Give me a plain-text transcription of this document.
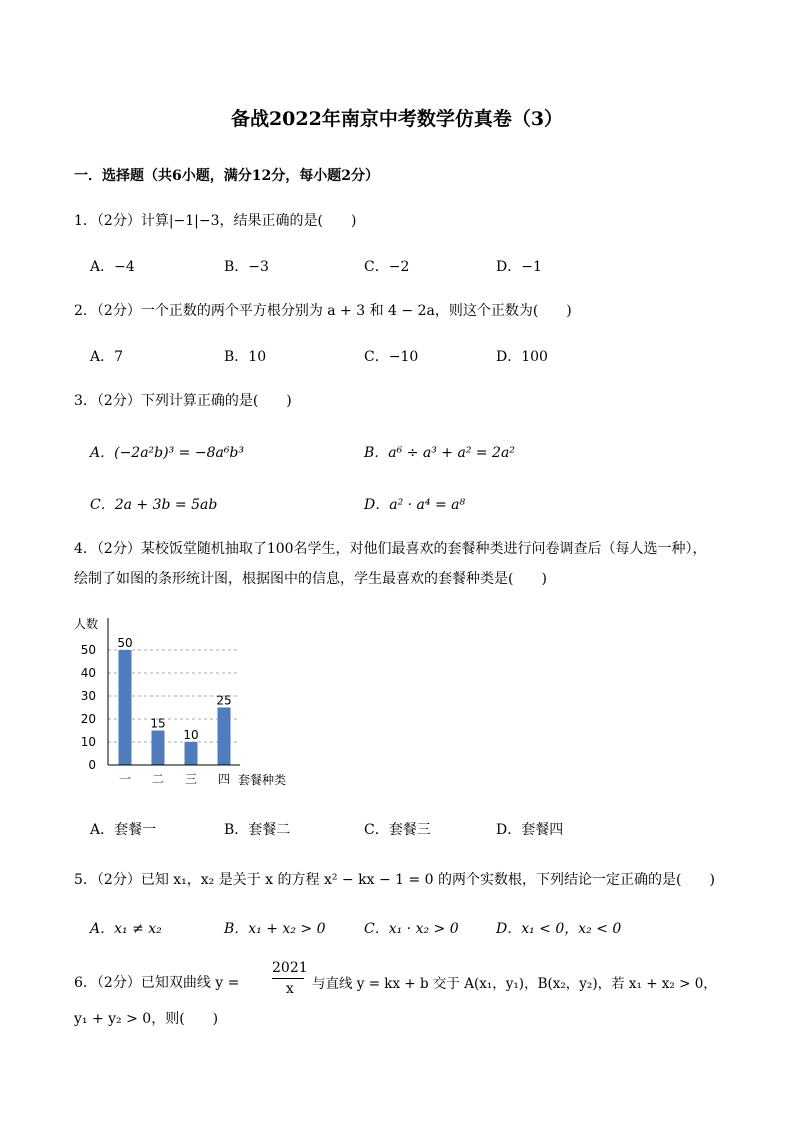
备战2022年南京中考数学仿真卷（3）
一．选择题（共6小题，满分12分，每小题2分）
1．（2分）计算|−1|−3，结果正确的是(　　)
A．−4	B．−3	C．−2	D．−1
2．（2分）一个正数的两个平方根分别为 a + 3 和 4 − 2a，则这个正数为(　　)
A．7	B．10	C．−10	D．100
3．（2分）下列计算正确的是(　　)
A．(−2a²b)³ = −8a⁶b³	B．a⁶ ÷ a³ + a² = 2a²
C．2a + 3b = 5ab	D．a² · a⁴ = a⁸
4．（2分）某校饭堂随机抽取了100名学生，对他们最喜欢的套餐种类进行问卷调查后（每人选一种），
绘制了如图的条形统计图，根据图中的信息，学生最喜欢的套餐种类是(　　)
0
10
20
30
40
50 50
一
15
二
10
三
25
四
人数
套餐种类
A．套餐一	B．套餐二	C．套餐三	D．套餐四
5．（2分）已知 x₁，x₂ 是关于 x 的方程 x² − kx − 1 = 0 的两个实数根，下列结论一定正确的是(　　)
A．x₁ ≠ x₂	B．x₁ + x₂ > 0	C．x₁ · x₂ > 0	D．x₁ < 0，x₂ < 0
6．（2分）已知双曲线 y =
2021
x	与直线 y = kx + b 交于 A(x₁，y₁)，B(x₂，y₂)，若 x₁ + x₂ > 0，
y₁ + y₂ > 0，则(　　)
